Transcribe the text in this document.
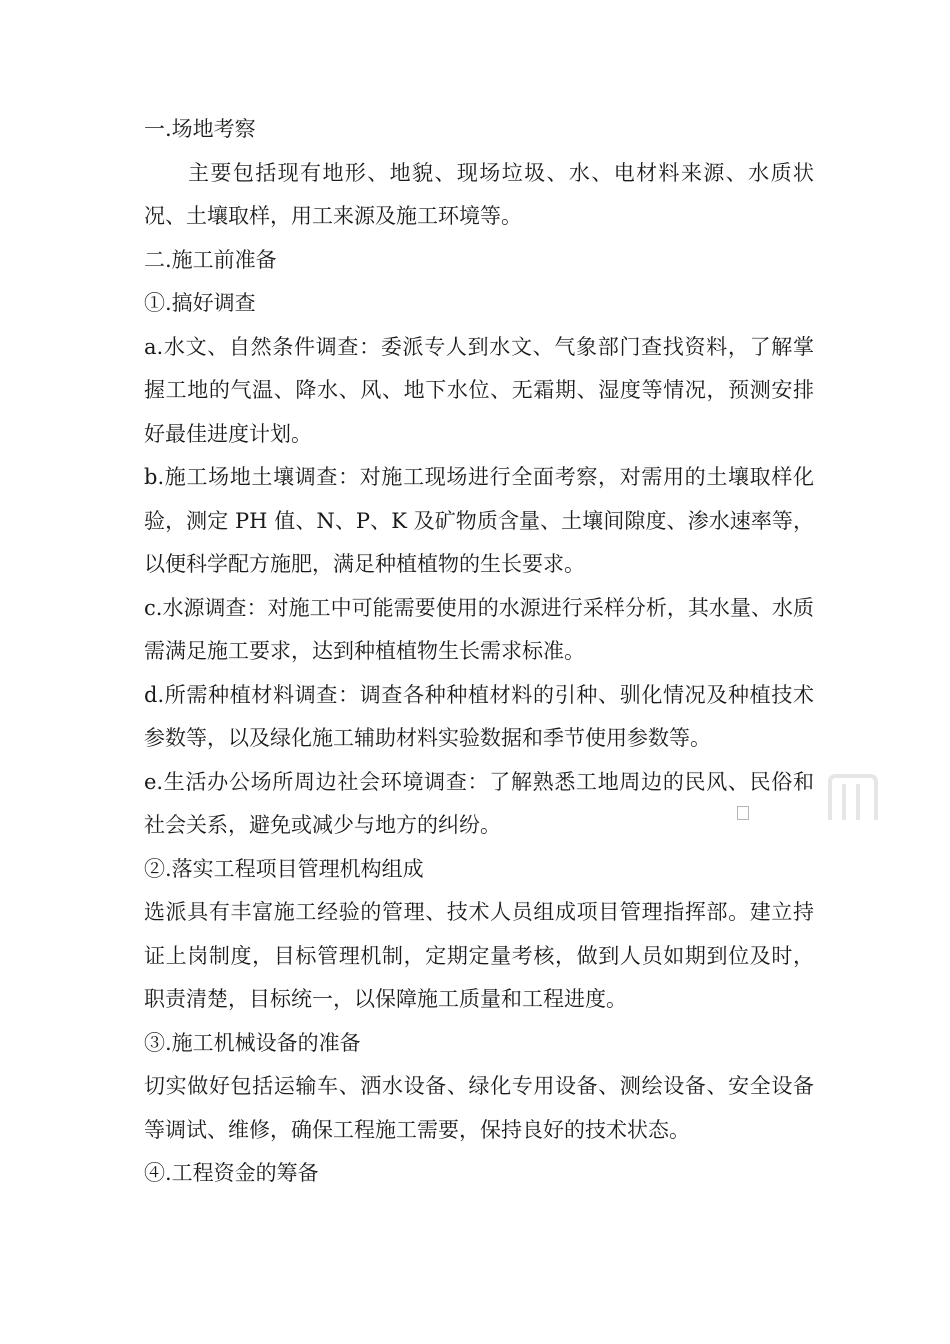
一.场地考察

主要包括现有地形、地貌、现场垃圾、水、电材料来源、水质状况、土壤取样，用工来源及施工环境等。

二.施工前准备

①.搞好调查

a.水文、自然条件调查：委派专人到水文、气象部门查找资料，了解掌握工地的气温、降水、风、地下水位、无霜期、湿度等情况，预测安排好最佳进度计划。

b.施工场地土壤调查：对施工现场进行全面考察，对需用的土壤取样化验，测定 PH 值、N、P、K 及矿物质含量、土壤间隙度、渗水速率等，以便科学配方施肥，满足种植植物的生长要求。

c.水源调查：对施工中可能需要使用的水源进行采样分析，其水量、水质需满足施工要求，达到种植植物生长需求标准。

d.所需种植材料调查：调查各种种植材料的引种、驯化情况及种植技术参数等，以及绿化施工辅助材料实验数据和季节使用参数等。

e.生活办公场所周边社会环境调查：了解熟悉工地周边的民风、民俗和社会关系，避免或减少与地方的纠纷。

②.落实工程项目管理机构组成

选派具有丰富施工经验的管理、技术人员组成项目管理指挥部。建立持证上岗制度，目标管理机制，定期定量考核，做到人员如期到位及时，职责清楚，目标统一，以保障施工质量和工程进度。

③.施工机械设备的准备

切实做好包括运输车、洒水设备、绿化专用设备、测绘设备、安全设备等调试、维修，确保工程施工需要，保持良好的技术状态。

④.工程资金的筹备
